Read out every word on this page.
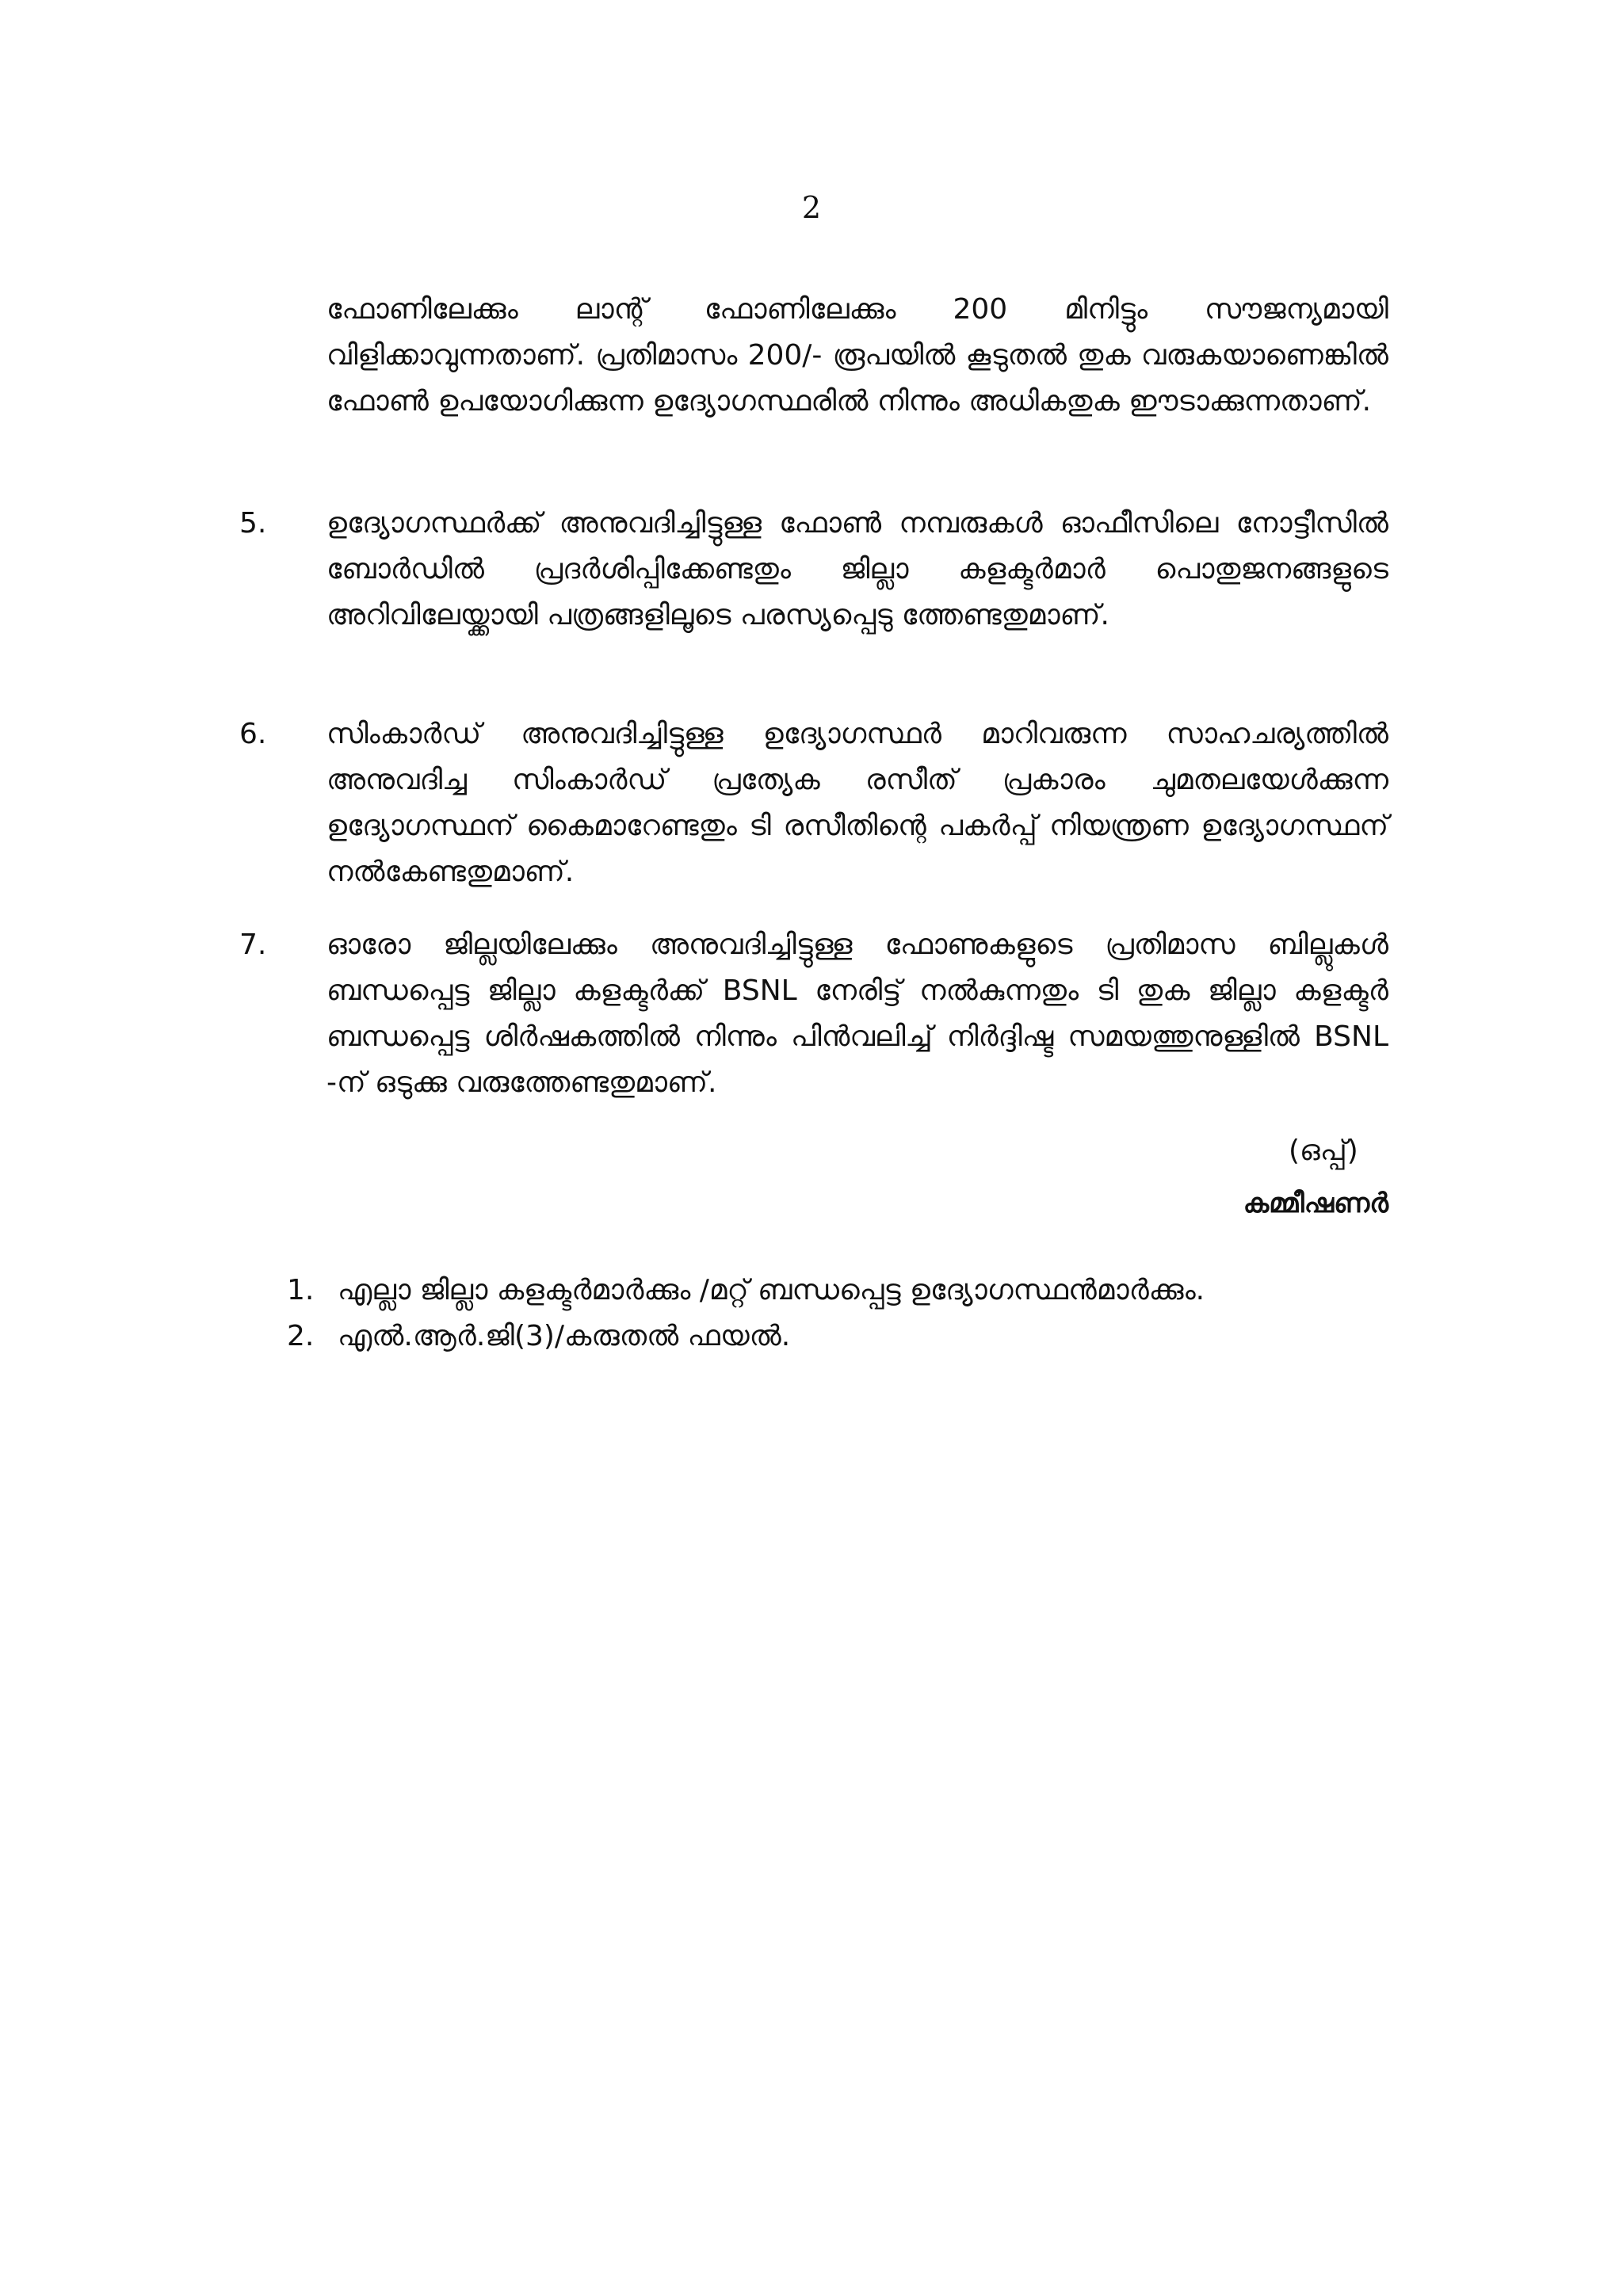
2
ഫോണിലേക്കും ലാന്റ് ഫോണിലേക്കും 200 മിനിട്ടും സൗജന്യമായി വിളിക്കാവുന്നതാണ്. പ്രതിമാസം 200/- രൂപയിൽ കൂടുതൽ തുക വരുകയാണെങ്കിൽ ഫോൺ ഉപയോഗിക്കുന്ന ഉദ്യോഗസ്ഥരിൽ നിന്നും അധികതുക ഈടാക്കുന്നതാണ്.
5. ഉദ്യോഗസ്ഥർക്ക് അനുവദിച്ചിട്ടുള്ള ഫോൺ നമ്പരുകൾ ഓഫീസിലെ നോട്ടീസിൽ ബോർഡിൽ പ്രദർശിപ്പിക്കേണ്ടതും ജില്ലാ കളക്ടർമാർ പൊതുജനങ്ങളുടെ അറിവിലേയ്ക്കായി പത്രങ്ങളിലൂടെ പരസ്യപ്പെടു ത്തേണ്ടതുമാണ്.
6. സിംകാർഡ് അനുവദിച്ചിട്ടുള്ള ഉദ്യോഗസ്ഥർ മാറിവരുന്ന സാഹചര്യത്തിൽ അനുവദിച്ച സിംകാർഡ് പ്രത്യേക രസീത് പ്രകാരം ചുമതലയേൾക്കുന്ന ഉദ്യോഗസ്ഥന് കൈമാറേണ്ടതും ടി രസീതിന്റെ പകർപ്പ് നിയന്ത്രണ ഉദ്യോഗസ്ഥന് നൽകേണ്ടതുമാണ്.
7. ഓരോ ജില്ലയിലേക്കും അനുവദിച്ചിട്ടുള്ള ഫോണുകളുടെ പ്രതിമാസ ബില്ലുകൾ ബന്ധപ്പെട്ട ജില്ലാ കളക്ടർക്ക് BSNL നേരിട്ട് നൽകുന്നതും ടി തുക ജില്ലാ കളക്ടർ ബന്ധപ്പെട്ട ശിർഷകത്തിൽ നിന്നും പിൻവലിച്ച് നിർദ്ദിഷ്ട സമയത്തുനുള്ളിൽ BSNL -ന് ഒടുക്കു വരുത്തേണ്ടതുമാണ്.
(ഒപ്പ്)
കമ്മീഷണർ
1. എല്ലാ ജില്ലാ കളക്ടർമാർക്കും /മറ്റ് ബന്ധപ്പെട്ട ഉദ്യോഗസ്ഥൻമാർക്കും.
2. എൽ.ആർ.ജി(3)/കരുതൽ ഫയൽ.
